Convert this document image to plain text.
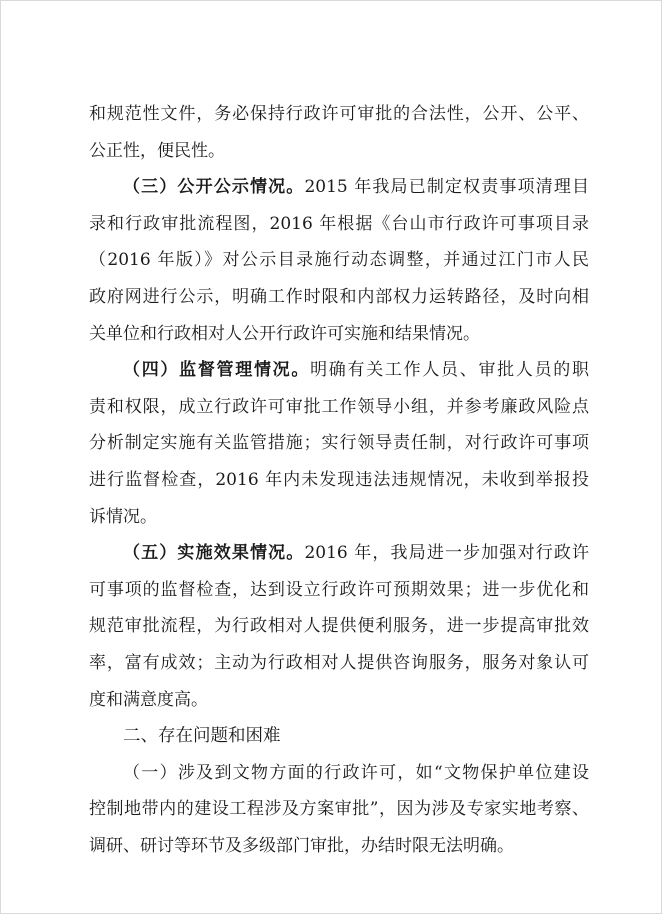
和规范性文件，务必保持行政许可审批的合法性，公开、公平、
公正性，便民性。
（三）公开公示情况。2015 年我局已制定权责事项清理目
录和行政审批流程图，2016 年根据《台山市行政许可事项目录
（2016 年版）》对公示目录施行动态调整，并通过江门市人民
政府网进行公示，明确工作时限和内部权力运转路径，及时向相
关单位和行政相对人公开行政许可实施和结果情况。
（四）监督管理情况。明确有关工作人员、审批人员的职
责和权限，成立行政许可审批工作领导小组，并参考廉政风险点
分析制定实施有关监管措施；实行领导责任制，对行政许可事项
进行监督检查，2016 年内未发现违法违规情况，未收到举报投
诉情况。
（五）实施效果情况。2016 年，我局进一步加强对行政许
可事项的监督检查，达到设立行政许可预期效果；进一步优化和
规范审批流程，为行政相对人提供便利服务，进一步提高审批效
率，富有成效；主动为行政相对人提供咨询服务，服务对象认可
度和满意度高。
二、存在问题和困难
（一）涉及到文物方面的行政许可，如“文物保护单位建设
控制地带内的建设工程涉及方案审批”，因为涉及专家实地考察、
调研、研讨等环节及多级部门审批，办结时限无法明确。
